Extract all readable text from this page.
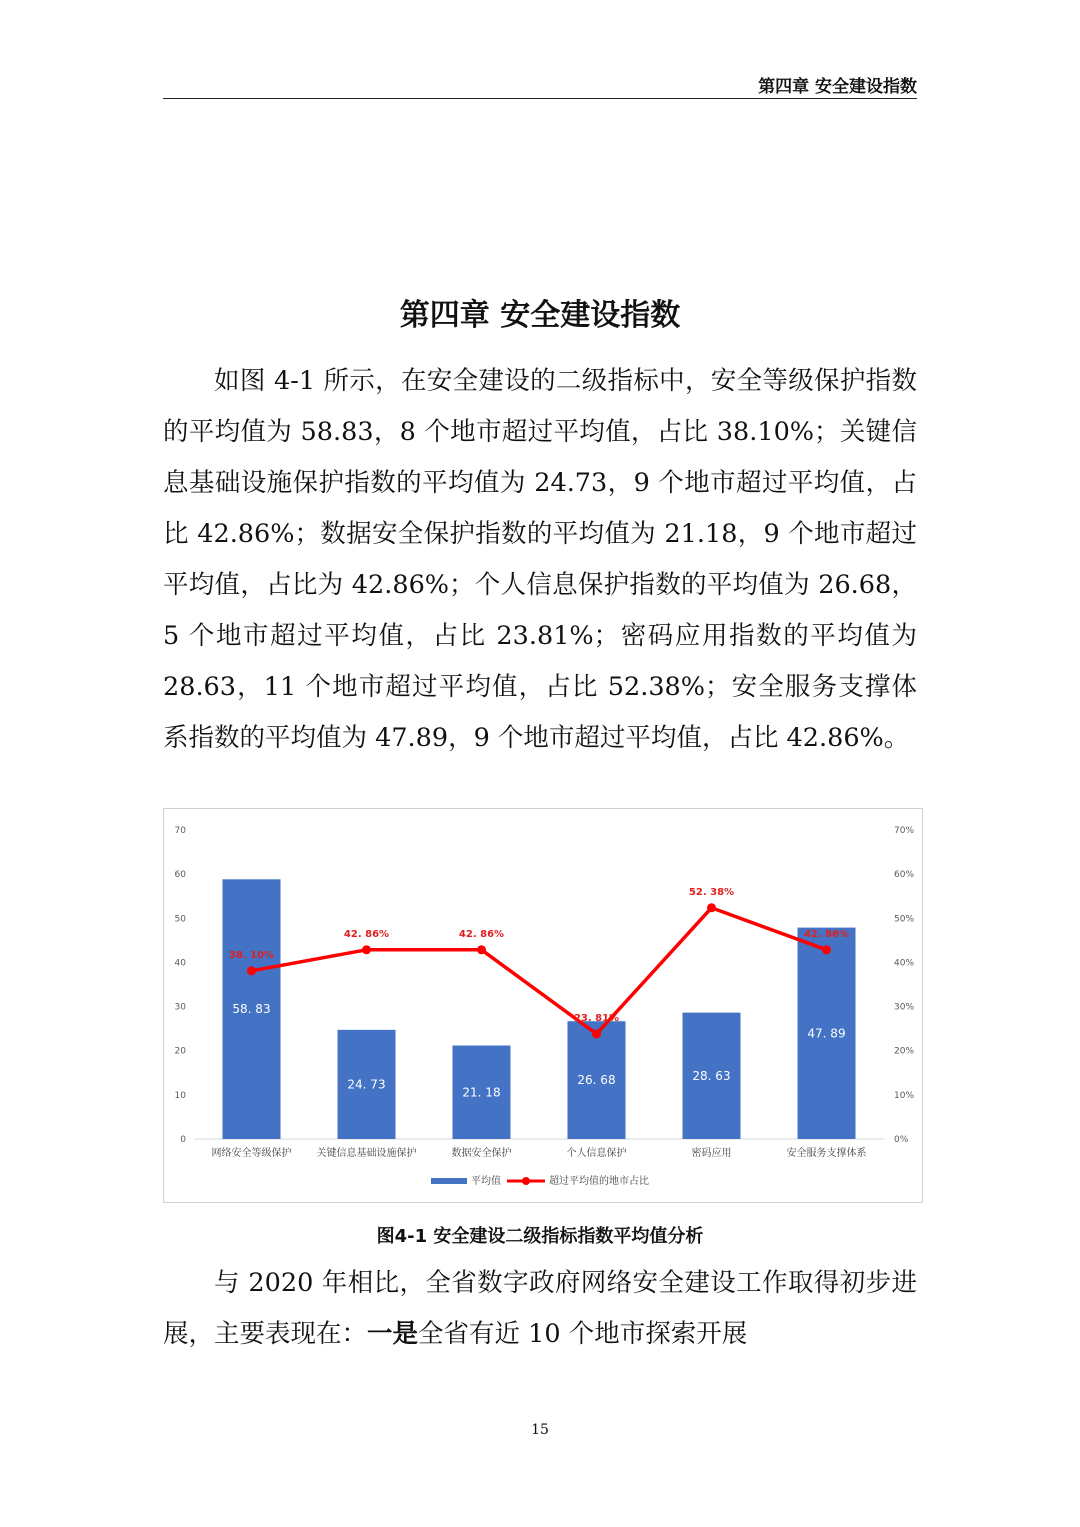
第四章 安全建设指数
第四章 安全建设指数
如图 4-1 所示，在安全建设的二级指标中，安全等级保护指数的平均值为 58.83，8 个地市超过平均值，占比 38.10%；关键信息基础设施保护指数的平均值为 24.73，9 个地市超过平均值，占比 42.86%；数据安全保护指数的平均值为 21.18，9 个地市超过平均值，占比为 42.86%；个人信息保护指数的平均值为 26.68，5 个地市超过平均值，占比 23.81%；密码应用指数的平均值为 28.63，11 个地市超过平均值，占比 52.38%；安全服务支撑体系指数的平均值为 47.89，9 个地市超过平均值，占比 42.86%。
0
10
20
30
40
50
60
70
0%
10%
20%
30%
40%
50%
60%
70%
58. 83
24. 73
21. 18
26. 68	28. 63
47. 89
网络安全等级保护	关键信息基础设施保护	数据安全保护	个人信息保护	密码应用	安全服务支撑体系
38. 10%
42. 86%	42. 86%
23. 81%
52. 38%
42. 86%
平均值	超过平均值的地市占比
图4-1 安全建设二级指标指数平均值分析
与 2020 年相比，全省数字政府网络安全建设工作取得初步进展，主要表现在：一是全省有近 10 个地市探索开展
15
